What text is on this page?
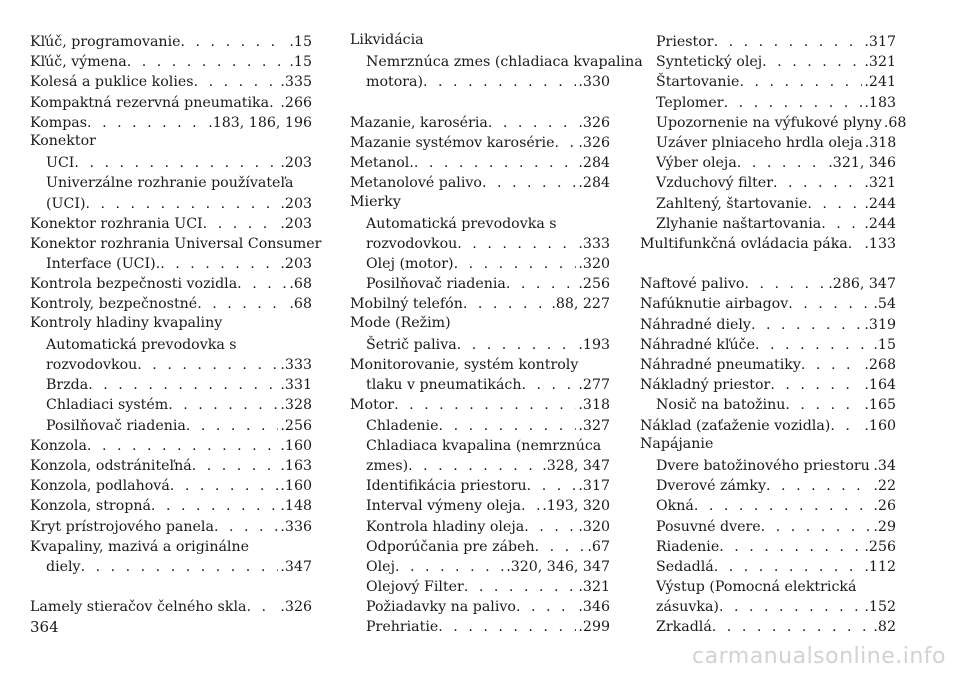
Kľúč, programovanie . . .	.15
Kľúč, výmena . . .	.15
Kolesá a puklice kolies . . .	.335
Kompaktná rezervná pneumatika . . . .266
Kompas . . .	.183, 186, 196
Konektor
UCI . . .	.203
Univerzálne rozhranie používateľa
(UCI) . . .	.203
Konektor rozhrania UCI . . .	.203
Konektor rozhrania Universal Consumer
Interface (UCI). . . .	.203
Kontrola bezpečnosti vozidla . . .	.68
Kontroly, bezpečnostné . . .	.68
Kontroly hladiny kvapaliny
Automatická prevodovka s
rozvodovkou . . .	.333
Brzda . . .	.331
Chladiaci systém . . .	.328
Posilňovač riadenia . . .	.256
Konzola . . .	.160
Konzola, odstrániteľná . . .	.163
Konzola, podlahová . . .	.160
Konzola, stropná . . .	.148
Kryt prístrojového panela . . .	.336
Kvapaliny, mazivá a originálne
diely . . .	.347
Lamely stieračov čelného skla . . . .326
Likvidácia
Nemrznúca zmes (chladiaca kvapalina
motora) . . .	.330
Mazanie, karoséria . . .	.326
Mazanie systémov karosérie . . . .326
Metanol. . . .	.284
Metanolové palivo . . .	.284
Mierky
Automatická prevodovka s
rozvodovkou . . .	.333
Olej (motor) . . .	.320
Posilňovač riadenia . . .	.256
Mobilný telefón . . .	.88, 227
Mode (Režim)
Šetrič paliva . . .	.193
Monitorovanie, systém kontroly
tlaku v pneumatikách . . .	.277
Motor . . .	.318
Chladenie . . .	.327
Chladiaca kvapalina (nemrznúca
zmes) . . .	.328, 347
Identifikácia priestoru . . .	.317
Interval výmeny oleja . . . .193, 320
Kontrola hladiny oleja . . .	.320
Odporúčania pre zábeh . . .	.67
Olej . . .	.320, 346, 347
Olejový Filter . . .	.321
Požiadavky na palivo . . .	.346
Prehriatie . . .	.299
Priestor . . .	.317
Syntetický olej . . .	.321
Štartovanie . . .	.241
Teplomer . . .	.183
Upozornenie na výfukové plyny .68
Uzáver plniaceho hrdla oleja .318
Výber oleja . . .	.321, 346
Vzduchový filter . . .	.321
Zahltený, štartovanie . . .	.244
Zlyhanie naštartovania . . .	.244
Multifunkčná ovládacia páka . . . .133
Naftové palivo . . .	.286, 347
Nafúknutie airbagov . . .	.54
Náhradné diely . . .	.319
Náhradné kľúče . . .	.15
Náhradné pneumatiky . . .	.268
Nákladný priestor . . .	.164
Nosič na batožinu . . .	.165
Náklad (zaťaženie vozidla) . . . .160
Napájanie
Dvere batožinového priestoru . . . .34
Dverové zámky . . .	.22
Okná . . .	.26
Posuvné dvere . . .	.29
Riadenie . . .	.256
Sedadlá . . .	.112
Výstup (Pomocná elektrická
zásuvka) . . .	.152
Zrkadlá . . .	.82
364
carmanualsonline.info
